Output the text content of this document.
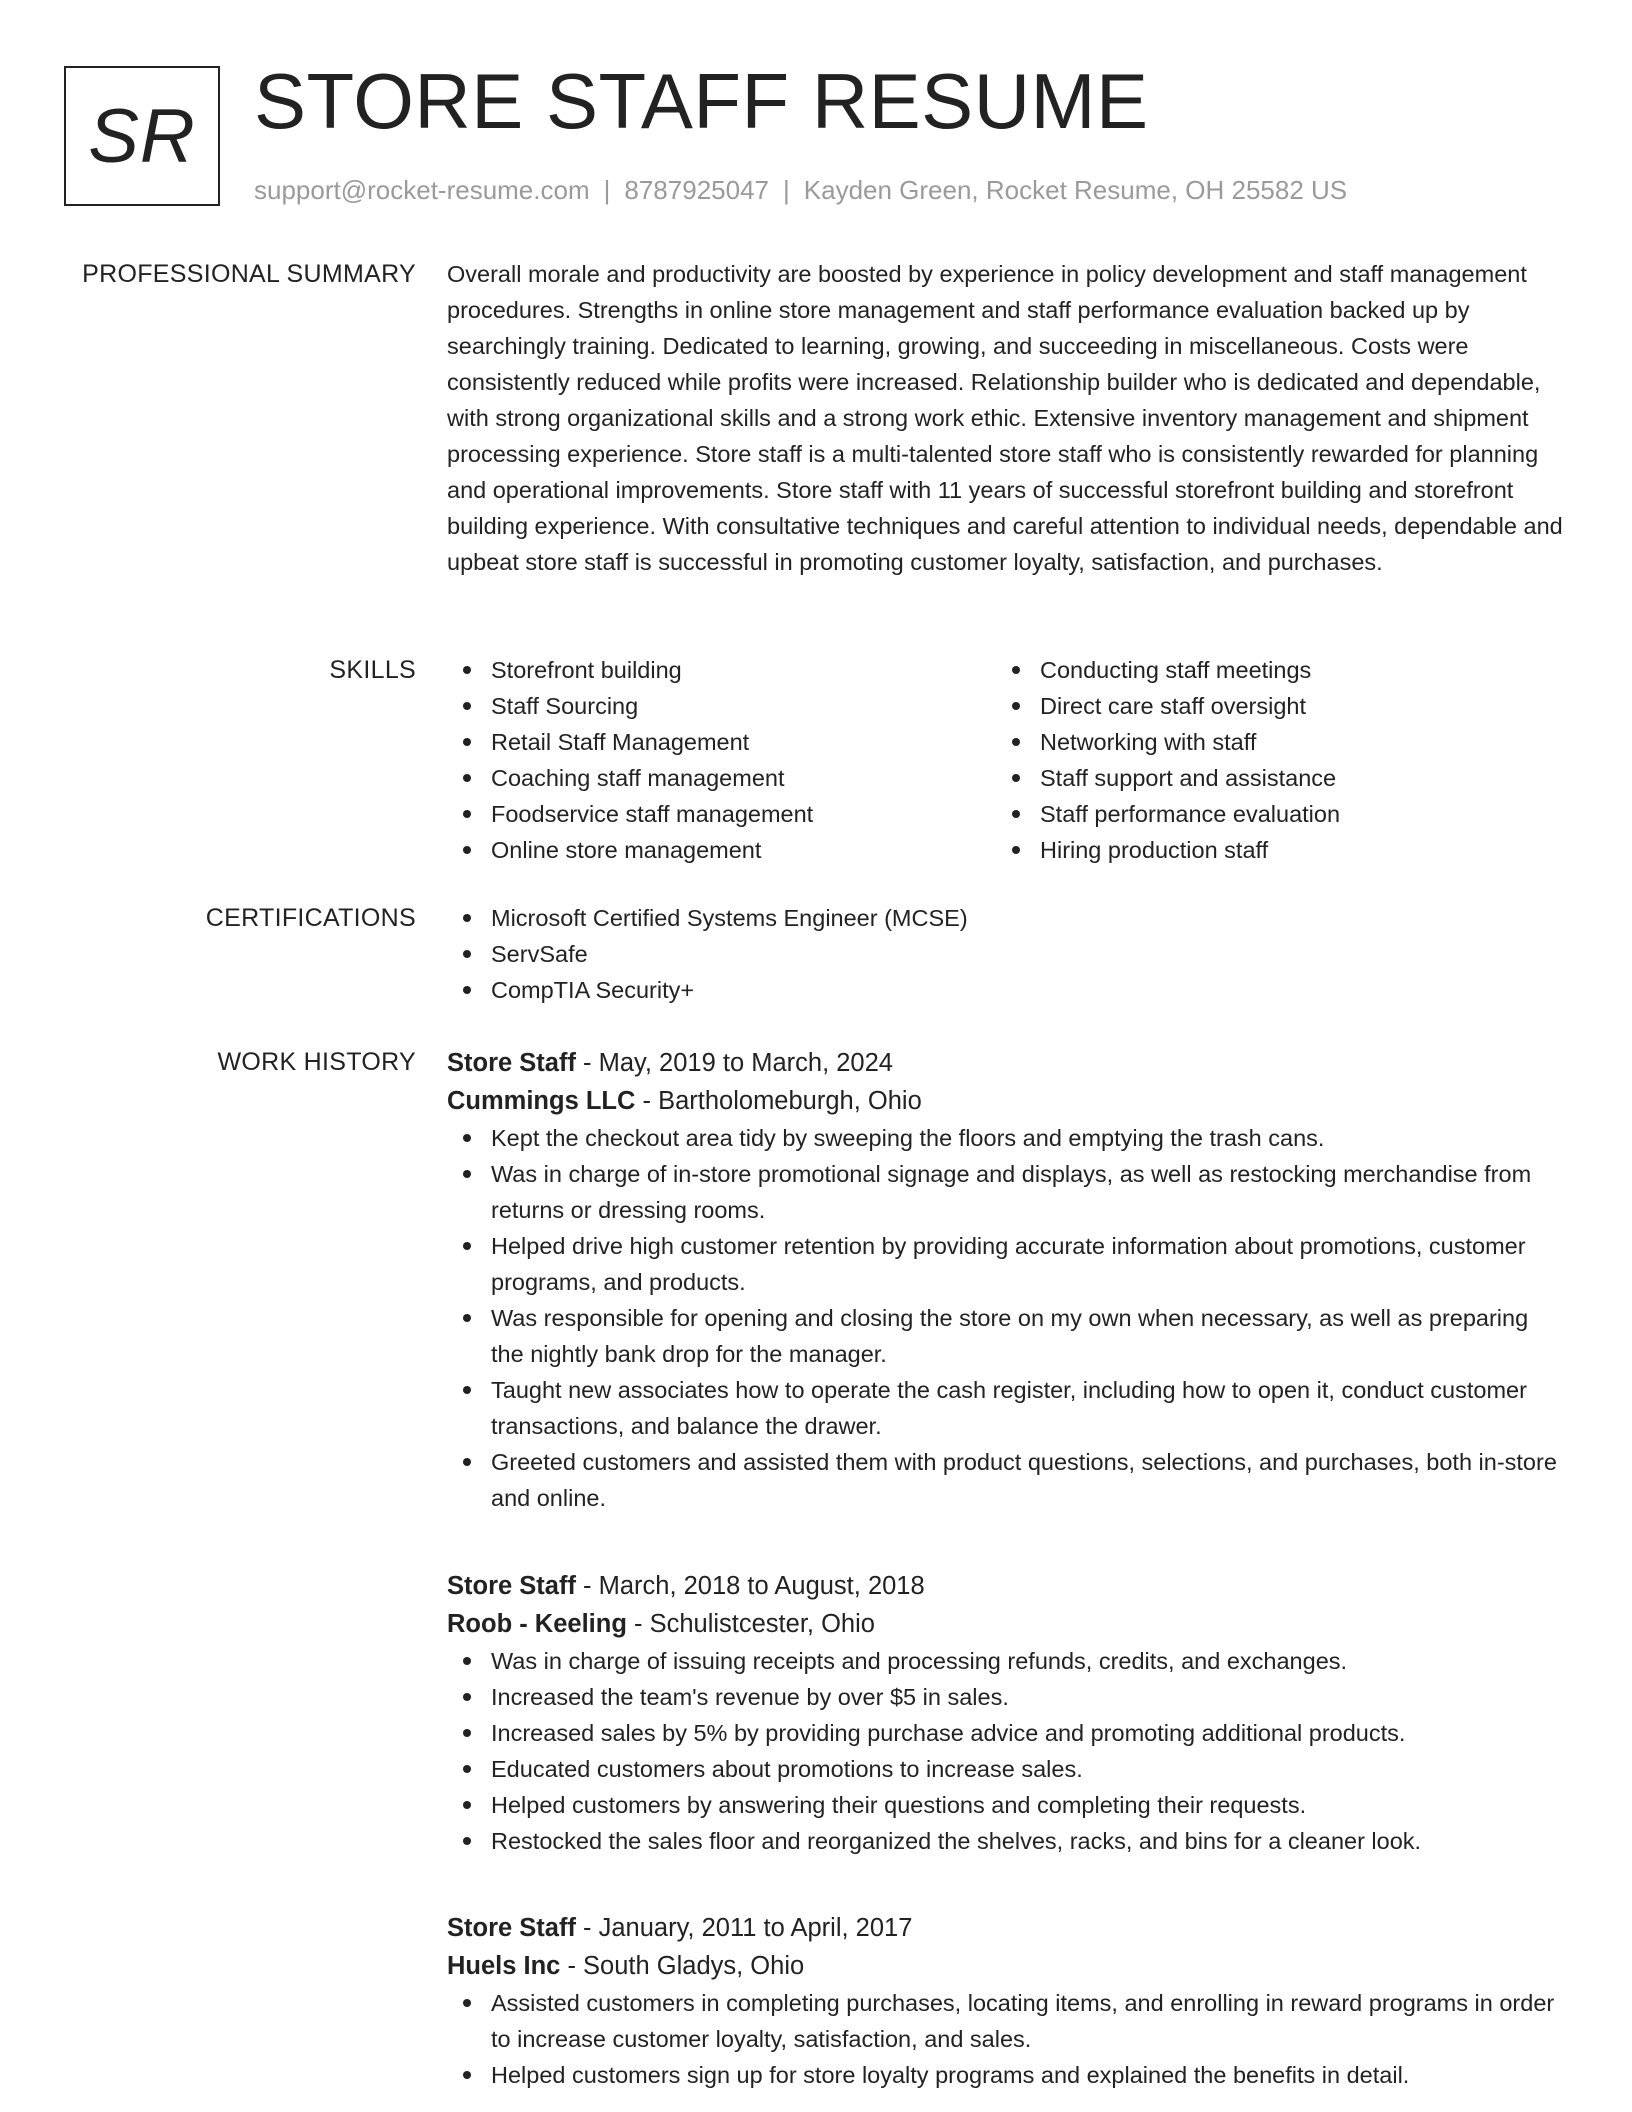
SR STORE STAFF RESUME
support@rocket-resume.com | 8787925047 | Kayden Green, Rocket Resume, OH 25582 US
PROFESSIONAL SUMMARY Overall morale and productivity are boosted by experience in policy development and staff management procedures. Strengths in online store management and staff performance evaluation backed up by searchingly training. Dedicated to learning, growing, and succeeding in miscellaneous. Costs were consistently reduced while profits were increased. Relationship builder who is dedicated and dependable, with strong organizational skills and a strong work ethic. Extensive inventory management and shipment processing experience. Store staff is a multi-talented store staff who is consistently rewarded for planning and operational improvements. Store staff with 11 years of successful storefront building and storefront building experience. With consultative techniques and careful attention to individual needs, dependable and upbeat store staff is successful in promoting customer loyalty, satisfaction, and purchases.

SKILLS	Storefront building
Staff Sourcing
Retail Staff Management
Coaching staff management
Foodservice staff management
Online store management
Conducting staff meetings
Direct care staff oversight
Networking with staff
Staff support and assistance
Staff performance evaluation
Hiring production staff
CERTIFICATIONS	Microsoft Certified Systems Engineer (MCSE)
ServSafe
CompTIA Security+
WORK HISTORY Store Staff - May, 2019 to March, 2024
Cummings LLC - Bartholomeburgh, Ohio
Kept the checkout area tidy by sweeping the floors and emptying the trash cans.
Was in charge of in-store promotional signage and displays, as well as restocking merchandise from returns or dressing rooms.
Helped drive high customer retention by providing accurate information about promotions, customer programs, and products.
Was responsible for opening and closing the store on my own when necessary, as well as preparing the nightly bank drop for the manager.
Taught new associates how to operate the cash register, including how to open it, conduct customer transactions, and balance the drawer.
Greeted customers and assisted them with product questions, selections, and purchases, both in-store and online.
Store Staff - March, 2018 to August, 2018
Roob - Keeling - Schulistcester, Ohio
Was in charge of issuing receipts and processing refunds, credits, and exchanges.
Increased the team's revenue by over $5 in sales.
Increased sales by 5% by providing purchase advice and promoting additional products.
Educated customers about promotions to increase sales.
Helped customers by answering their questions and completing their requests.
Restocked the sales floor and reorganized the shelves, racks, and bins for a cleaner look.
Store Staff - January, 2011 to April, 2017
Huels Inc - South Gladys, Ohio
Assisted customers in completing purchases, locating items, and enrolling in reward programs in order to increase customer loyalty, satisfaction, and sales.
Helped customers sign up for store loyalty programs and explained the benefits in detail.
